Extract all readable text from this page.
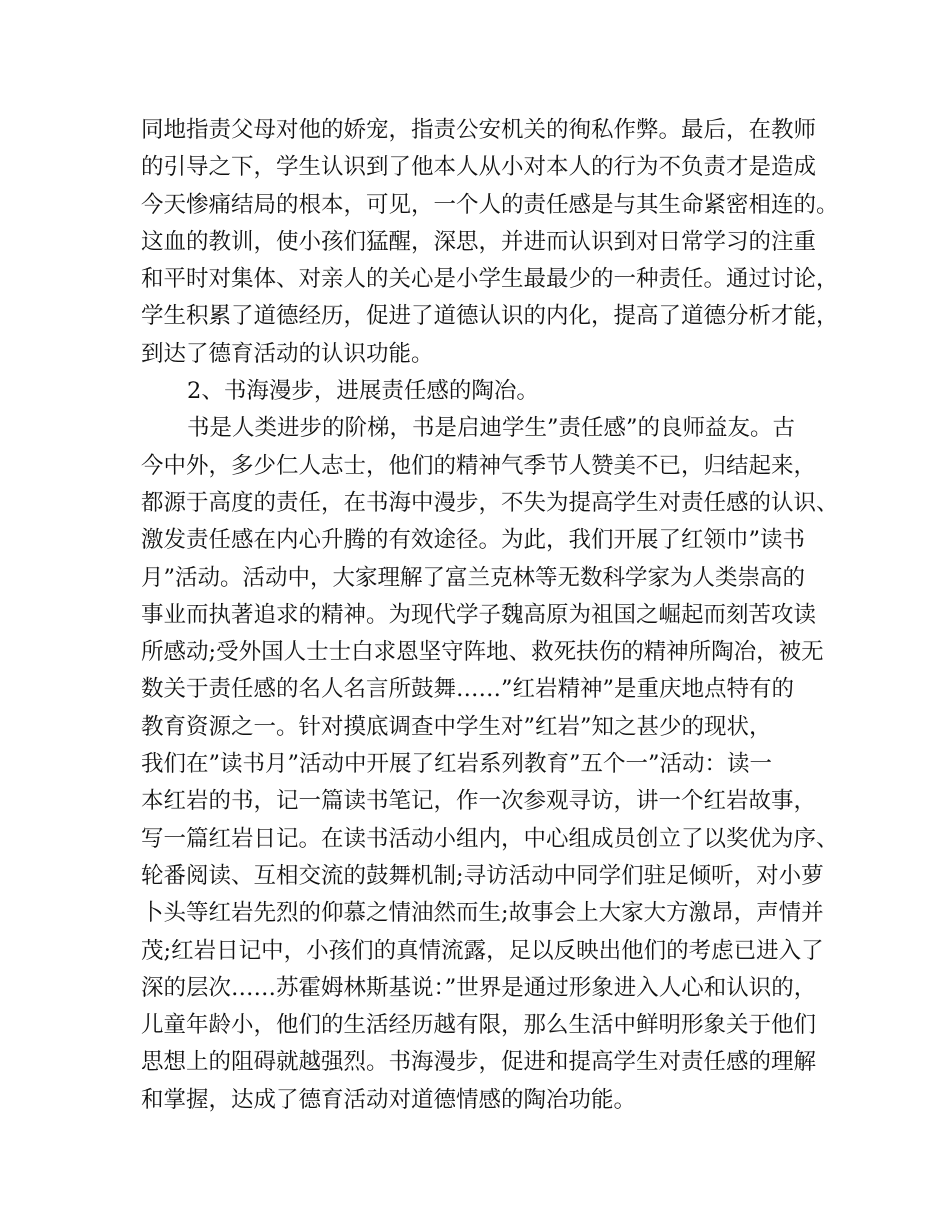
同地指责父母对他的娇宠，指责公安机关的徇私作弊。最后，在教师
的引导之下，学生认识到了他本人从小对本人的行为不负责才是造成
今天惨痛结局的根本，可见，一个人的责任感是与其生命紧密相连的。
这血的教训，使小孩们猛醒，深思，并进而认识到对日常学习的注重
和平时对集体、对亲人的关心是小学生最最少的一种责任。通过讨论，
学生积累了道德经历，促进了道德认识的内化，提高了道德分析才能，
到达了德育活动的认识功能。
2、书海漫步，进展责任感的陶冶。
书是人类进步的阶梯，书是启迪学生”责任感”的良师益友。古
今中外，多少仁人志士，他们的精神气季节人赞美不已，归结起来，
都源于高度的责任，在书海中漫步，不失为提高学生对责任感的认识、
激发责任感在内心升腾的有效途径。为此，我们开展了红领巾”读书
月”活动。活动中，大家理解了富兰克林等无数科学家为人类崇高的
事业而执著追求的精神。为现代学子魏高原为祖国之崛起而刻苦攻读
所感动;受外国人士士白求恩坚守阵地、救死扶伤的精神所陶冶，被无
数关于责任感的名人名言所鼓舞……”红岩精神”是重庆地点特有的
教育资源之一。针对摸底调查中学生对”红岩”知之甚少的现状，
我们在”读书月”活动中开展了红岩系列教育”五个一”活动：读一
本红岩的书，记一篇读书笔记，作一次参观寻访，讲一个红岩故事，
写一篇红岩日记。在读书活动小组内，中心组成员创立了以奖优为序、
轮番阅读、互相交流的鼓舞机制;寻访活动中同学们驻足倾听，对小萝
卜头等红岩先烈的仰慕之情油然而生;故事会上大家大方激昂，声情并
茂;红岩日记中，小孩们的真情流露，足以反映出他们的考虑已进入了
深的层次……苏霍姆林斯基说：”世界是通过形象进入人心和认识的，
儿童年龄小，他们的生活经历越有限，那么生活中鲜明形象关于他们
思想上的阻碍就越强烈。书海漫步，促进和提高学生对责任感的理解
和掌握，达成了德育活动对道德情感的陶冶功能。
